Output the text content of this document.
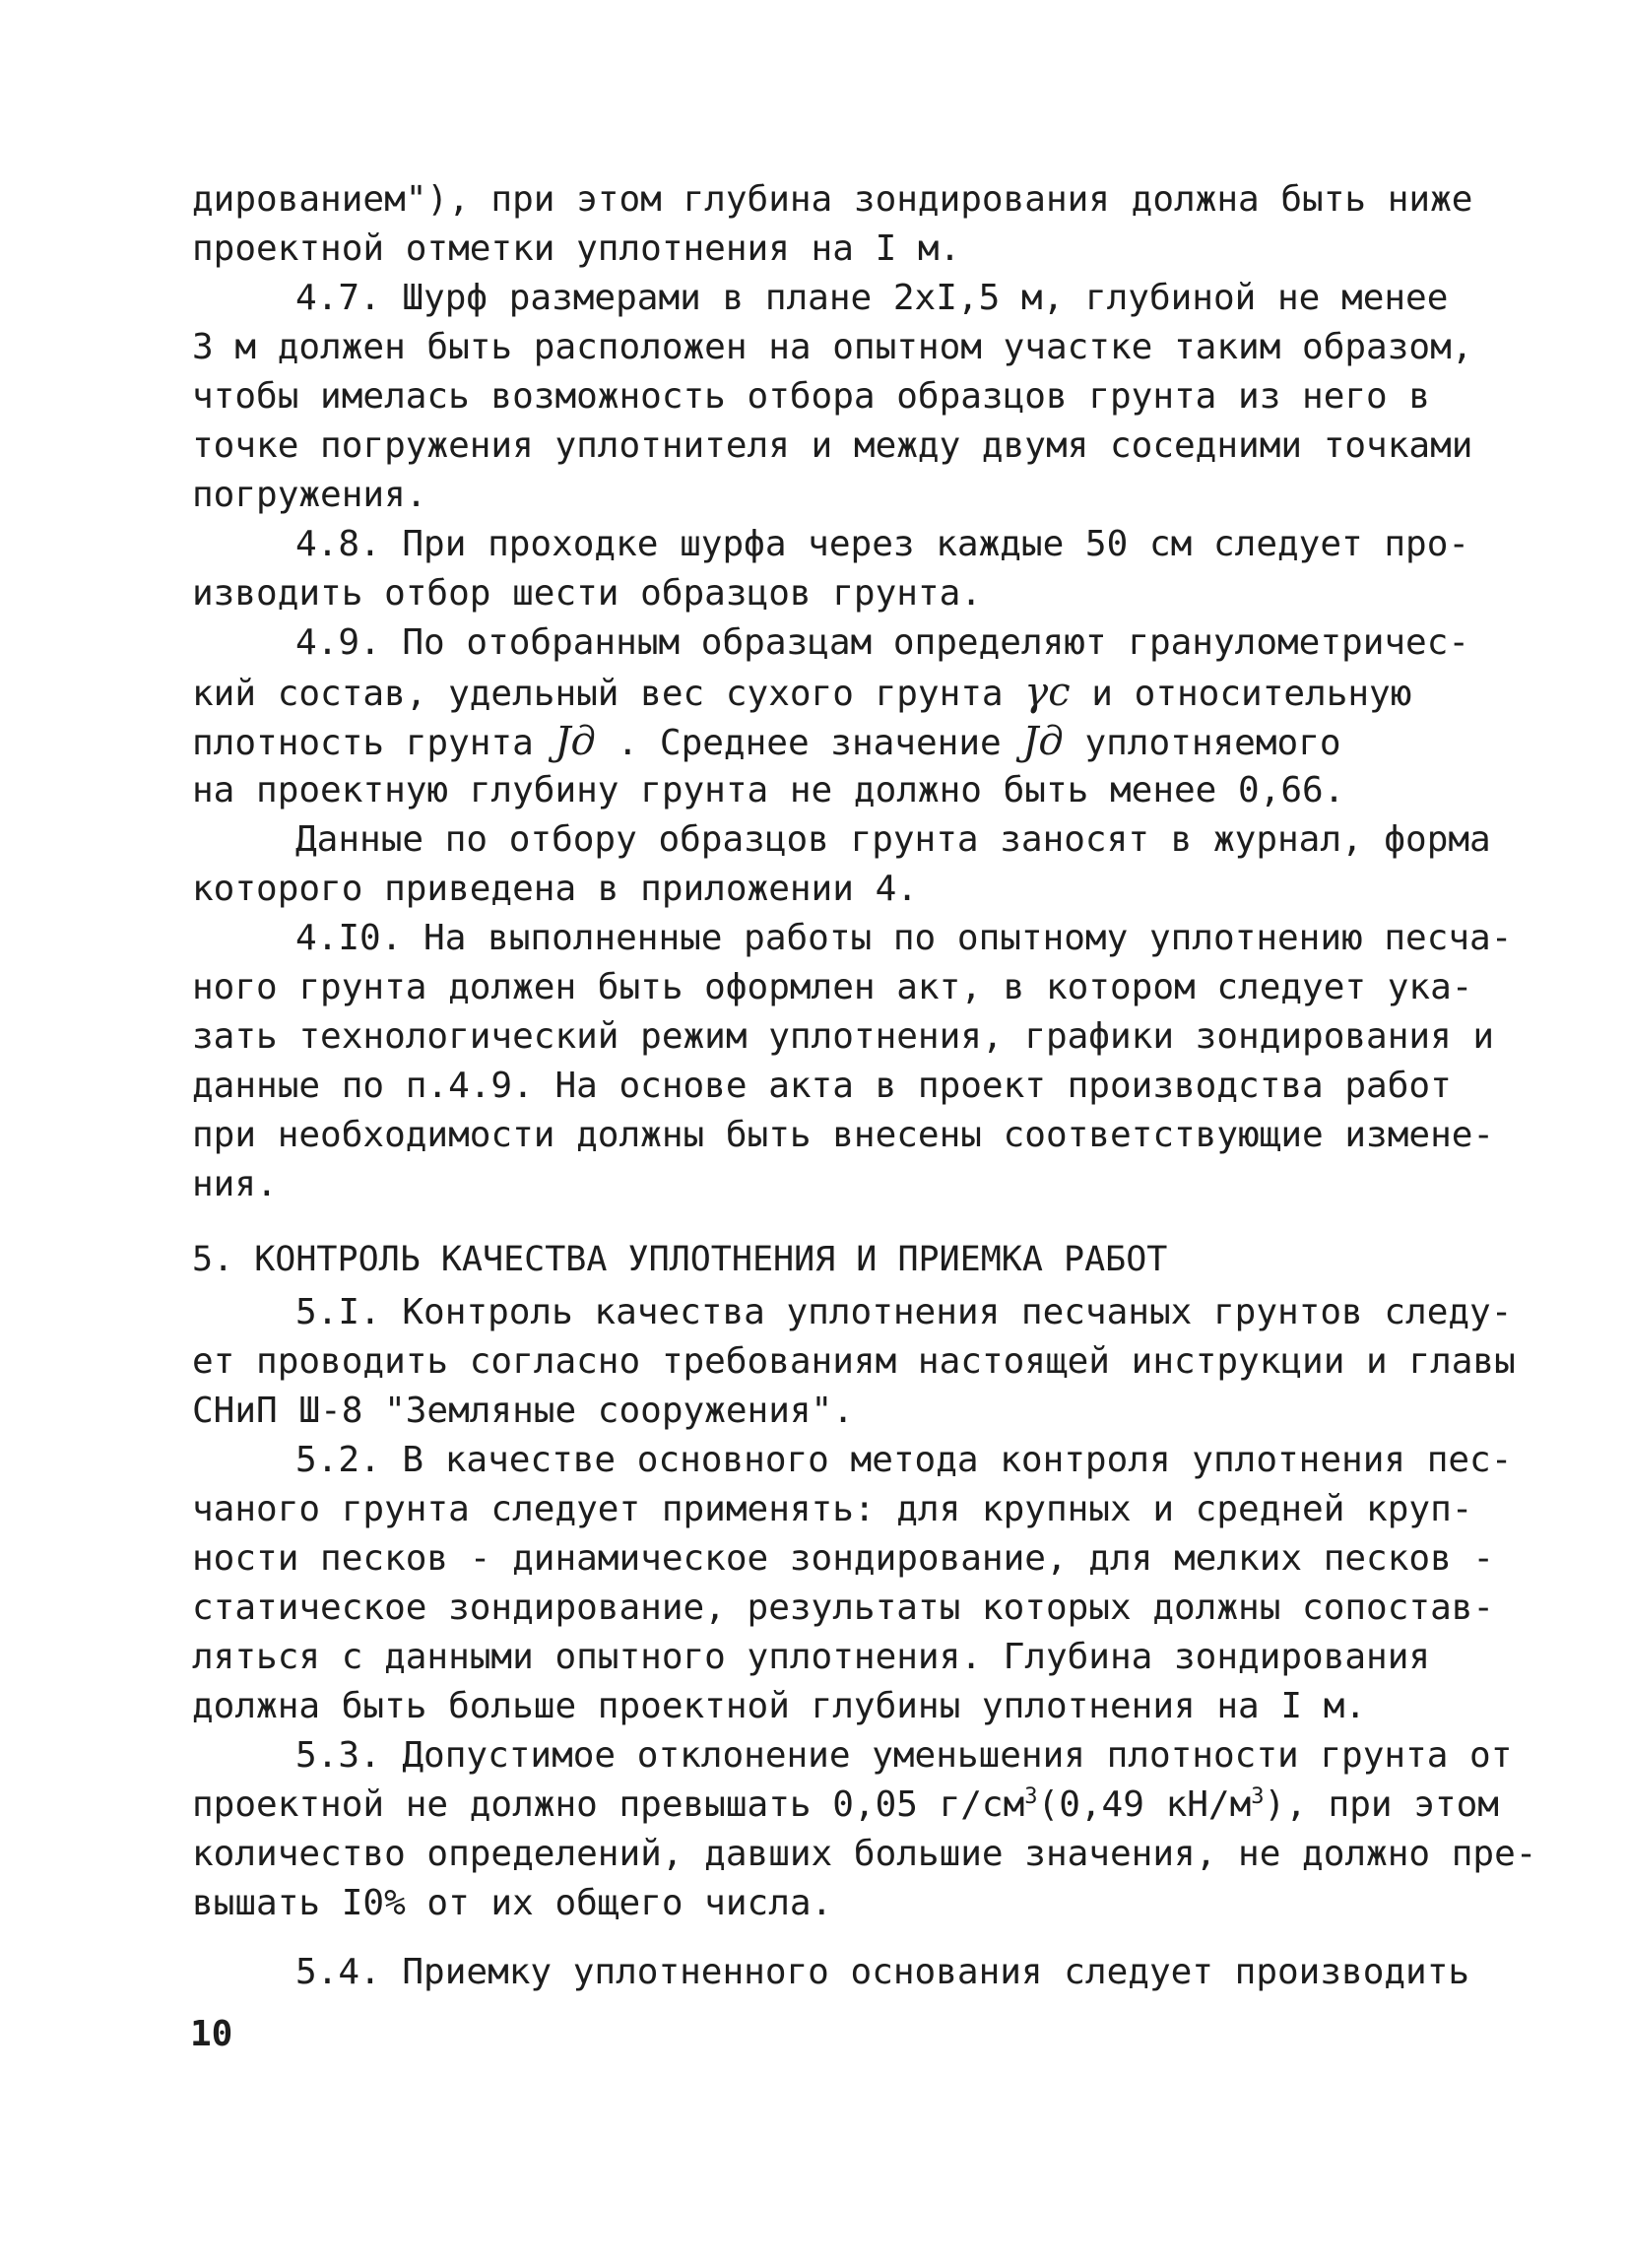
дированием"), при этом глубина зондирования должна быть ниже
проектной отметки уплотнения на I м.
4.7. Шурф размерами в плане 2xI,5 м, глубиной не менее
3 м должен быть расположен на опытном участке таким образом,
чтобы имелась возможность отбора образцов грунта из него в
точке погружения уплотнителя и между двумя соседними точками
погружения.
4.8. При проходке шурфа через каждые 50 см следует про-
изводить отбор шести образцов грунта.
4.9. По отобранным образцам определяют гранулометричес-
кий состав, удельный вес сухого грунта γc и относительную
плотность грунта Jд . Среднее значение Jд уплотняемого
на проектную глубину грунта не должно быть менее 0,66.
Данные по отбору образцов грунта заносят в журнал, форма
которого приведена в приложении 4.
4.I0. На выполненные работы по опытному уплотнению песча-
ного грунта должен быть оформлен акт, в котором следует ука-
зать технологический режим уплотнения, графики зондирования и
данные по п.4.9. На основе акта в проект производства работ
при необходимости должны быть внесены соответствующие измене-
ния.
5. КОНТРОЛЬ КАЧЕСТВА УПЛОТНЕНИЯ И ПРИЕМКА РАБОТ
5.I. Контроль качества уплотнения песчаных грунтов следу-
ет проводить согласно требованиям настоящей инструкции и главы
СНиП Ш-8 "Земляные сооружения".
5.2. В качестве основного метода контроля уплотнения пес-
чаного грунта следует применять: для крупных и средней круп-
ности песков - динамическое зондирование, для мелких песков -
статическое зондирование, результаты которых должны сопостав-
ляться с данными опытного уплотнения. Глубина зондирования
должна быть больше проектной глубины уплотнения на I м.
5.3. Допустимое отклонение уменьшения плотности грунта от
проектной не должно превышать 0,05 $г/см^3(0,49$ $кН/м^3$), при этом
количество определений, давших большие значения, не должно пре-
вышать I0% от их общего числа.
5.4. Приемку уплотненного основания следует производить
10
